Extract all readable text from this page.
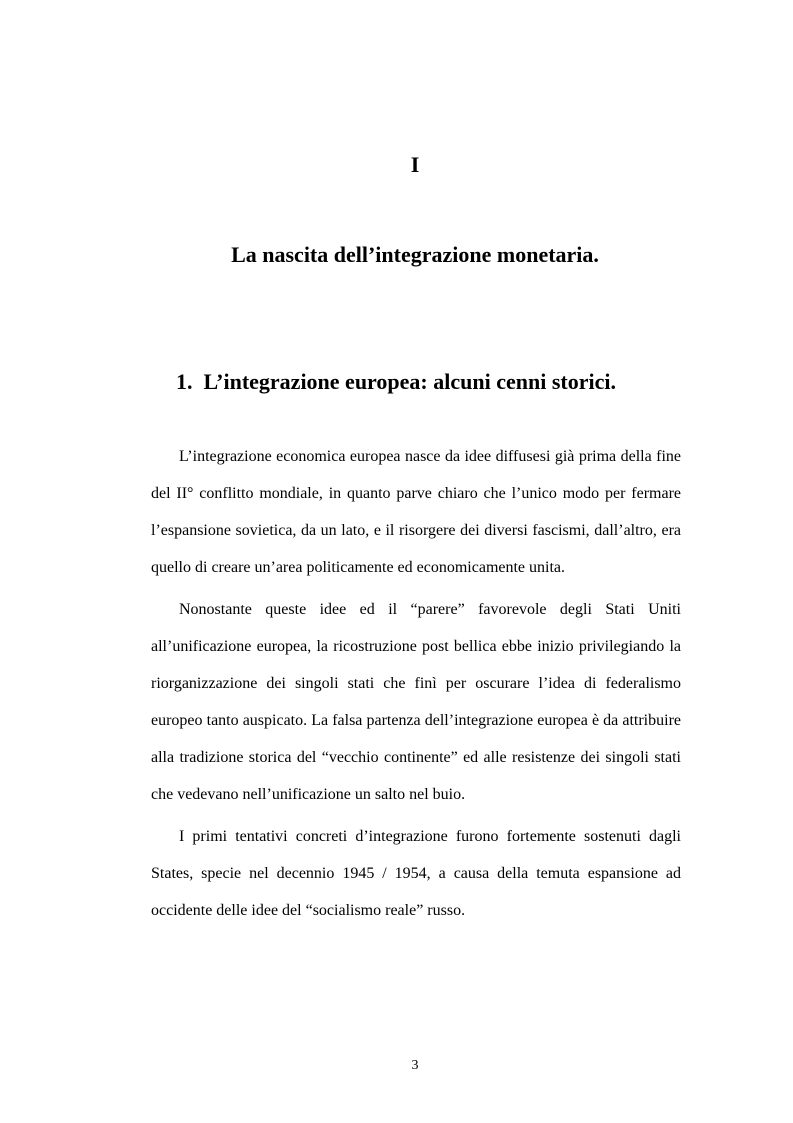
I
La nascita dell’integrazione monetaria.
1. L’integrazione europea: alcuni cenni storici.

L’integrazione economica europea nasce da idee diffusesi già prima della fine
del II° conflitto mondiale, in quanto parve chiaro che l’unico modo per fermare
l’espansione sovietica, da un lato, e il risorgere dei diversi fascismi, dall’altro, era
quello di creare un’area politicamente ed economicamente unita.

Nonostante queste idee ed il “parere” favorevole degli Stati Uniti
all’unificazione europea, la ricostruzione post bellica ebbe inizio privilegiando la
riorganizzazione dei singoli stati che finì per oscurare l’idea di federalismo
europeo tanto auspicato. La falsa partenza dell’integrazione europea è da attribuire
alla tradizione storica del “vecchio continente” ed alle resistenze dei singoli stati
che vedevano nell’unificazione un salto nel buio.

I primi tentativi concreti d’integrazione furono fortemente sostenuti dagli
States, specie nel decennio 1945 / 1954, a causa della temuta espansione ad
occidente delle idee del “socialismo reale” russo.

3
